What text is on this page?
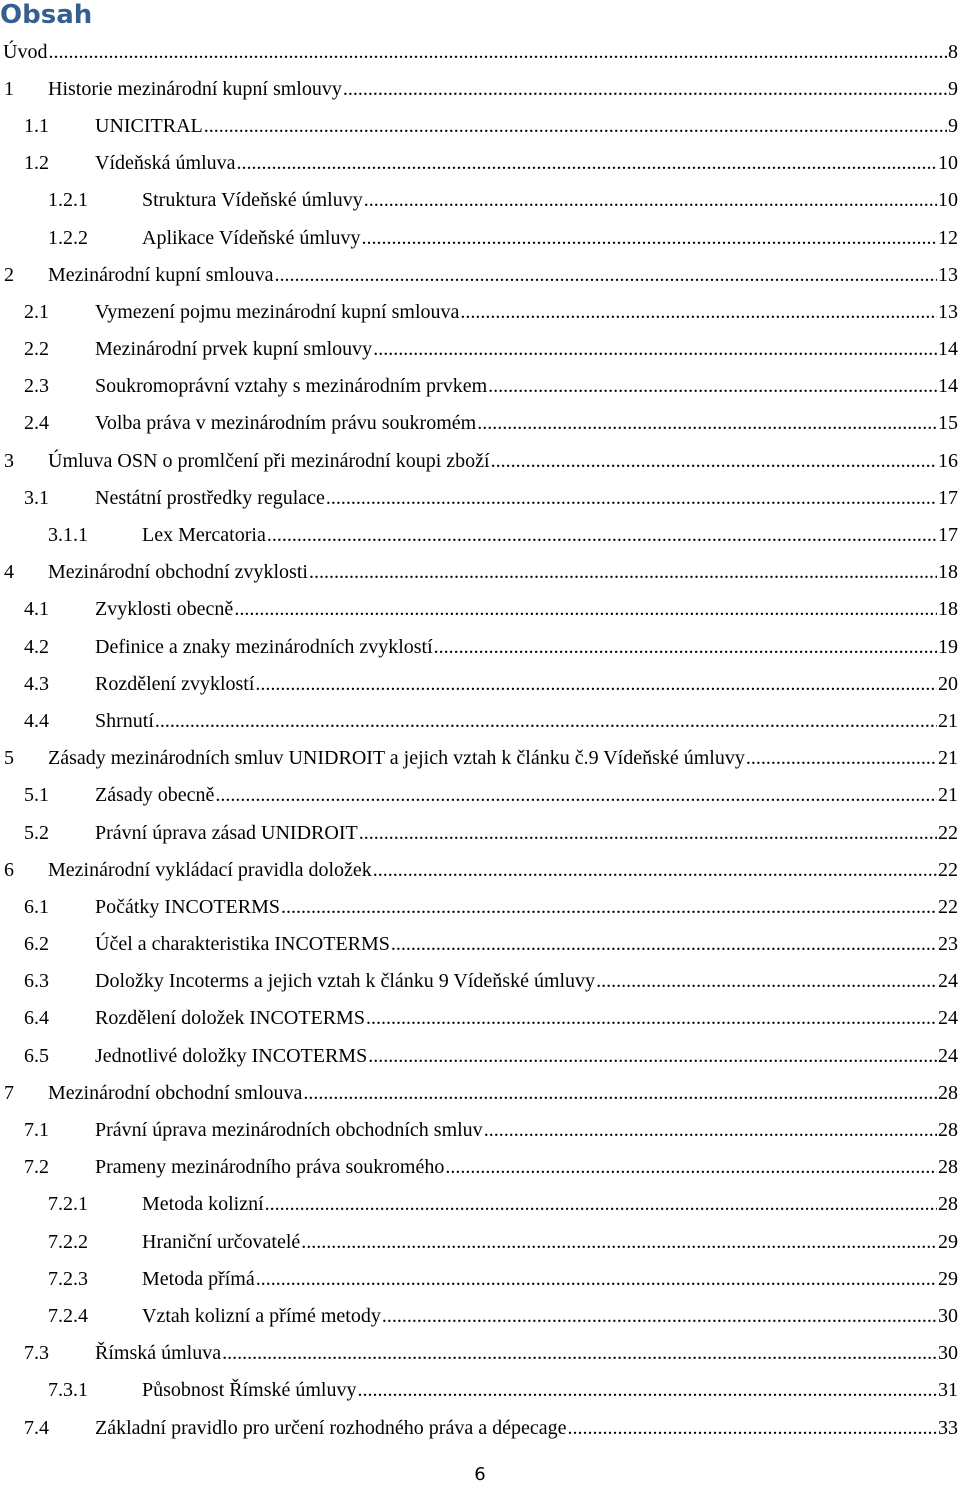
Obsah
Úvod .....	8
1	Historie mezinárodní kupní smlouvy .....	9
1.1	UNICITRAL .....	9
1.2	Vídeňská úmluva .....	10
1.2.1	Struktura Vídeňské úmluvy .....	10
1.2.2	Aplikace Vídeňské úmluvy .....	12
2	Mezinárodní kupní smlouva .....	13
2.1	Vymezení pojmu mezinárodní kupní smlouva .....	13
2.2	Mezinárodní prvek kupní smlouvy .....	14
2.3	Soukromoprávní vztahy s mezinárodním prvkem .....	14
2.4	Volba práva v mezinárodním právu soukromém .....	15
3	Úmluva OSN o promlčení při mezinárodní koupi zboží .....	16
3.1	Nestátní prostředky regulace .....	17
3.1.1	Lex Mercatoria .....	17
4	Mezinárodní obchodní zvyklosti .....	18
4.1	Zvyklosti obecně .....	18
4.2	Definice a znaky mezinárodních zvyklostí .....	19
4.3	Rozdělení zvyklostí .....	20
4.4	Shrnutí .....	21
5	Zásady mezinárodních smluv UNIDROIT a jejich vztah k článku č.9 Vídeňské úmluvy .....	21
5.1	Zásady obecně .....	21
5.2	Právní úprava zásad UNIDROIT .....	22
6	Mezinárodní vykládací pravidla doložek .....	22
6.1	Počátky INCOTERMS .....	22
6.2	Účel a charakteristika INCOTERMS .....	23
6.3	Doložky Incoterms a jejich vztah k článku 9 Vídeňské úmluvy .....	24
6.4	Rozdělení doložek INCOTERMS .....	24
6.5	Jednotlivé doložky INCOTERMS .....	24
7	Mezinárodní obchodní smlouva .....	28
7.1	Právní úprava mezinárodních obchodních smluv .....	28
7.2	Prameny mezinárodního práva soukromého .....	28
7.2.1	Metoda kolizní .....	28
7.2.2	Hraniční určovatelé .....	29
7.2.3	Metoda přímá .....	29
7.2.4	Vztah kolizní a přímé metody .....	30
7.3	Římská úmluva .....	30
7.3.1	Působnost Římské úmluvy .....	31
7.4	Základní pravidlo pro určení rozhodného práva a dépecage .....	33
6
